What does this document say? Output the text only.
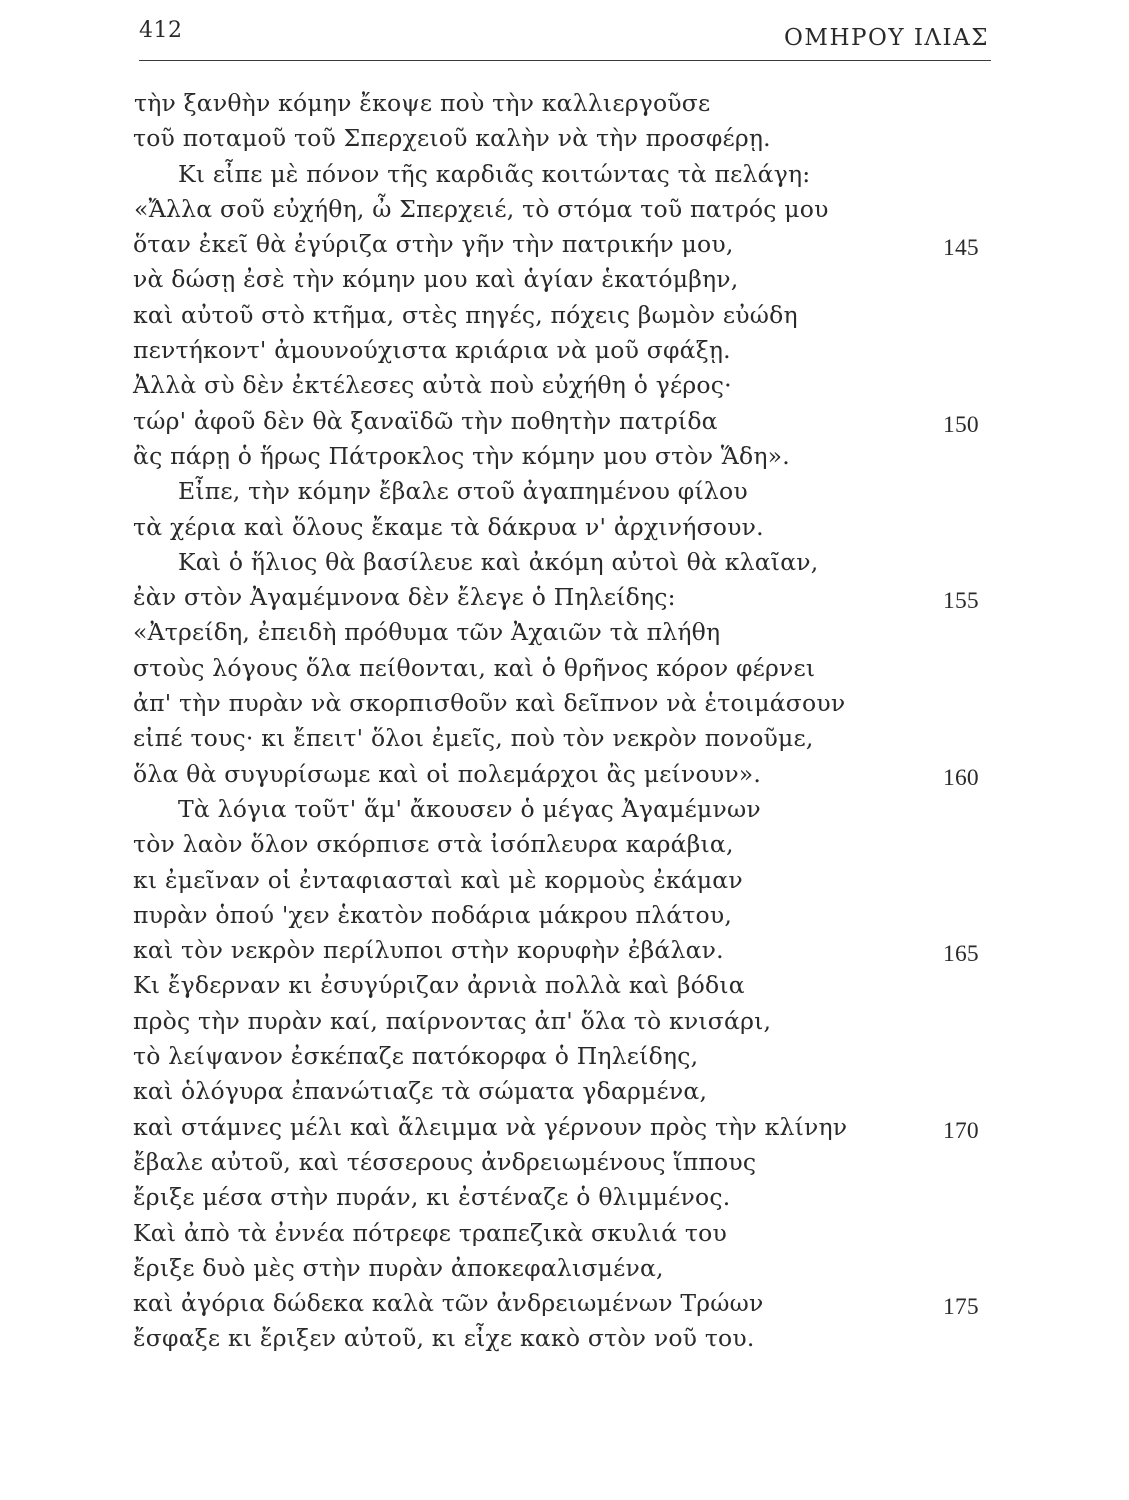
412	ΟΜΗΡΟΥ ΙΛΙΑΣ
τὴν ξανθὴν κόμην ἔκοψε ποὺ τὴν καλλιεργοῦσε
τοῦ ποταμοῦ τοῦ Σπερχειοῦ καλὴν νὰ τὴν προσφέρῃ.
Κι εἶπε μὲ πόνον τῆς καρδιᾶς κοιτώντας τὰ πελάγη:
«Ἄλλα σοῦ εὐχήθη, ὦ Σπερχειέ, τὸ στόμα τοῦ πατρός μου
ὅταν ἐκεῖ θὰ ἐγύριζα στὴν γῆν τὴν πατρικήν μου,	145
νὰ δώσῃ ἐσὲ τὴν κόμην μου καὶ ἁγίαν ἑκατόμβην,
καὶ αὐτοῦ στὸ κτῆμα, στὲς πηγές, πόχεις βωμὸν εὐώδη
πεντήκοντ' ἀμουνούχιστα κριάρια νὰ μοῦ σφάξῃ.
Ἀλλὰ σὺ δὲν ἐκτέλεσες αὐτὰ ποὺ εὐχήθη ὁ γέρος·
τώρ' ἀφοῦ δὲν θὰ ξαναϊδῶ τὴν ποθητὴν πατρίδα	150
ἂς πάρῃ ὁ ἥρως Πάτροκλος τὴν κόμην μου στὸν Ἅδη».
Εἶπε, τὴν κόμην ἔβαλε στοῦ ἀγαπημένου φίλου
τὰ χέρια καὶ ὅλους ἔκαμε τὰ δάκρυα ν' ἀρχινήσουν.
Καὶ ὁ ἥλιος θὰ βασίλευε καὶ ἀκόμη αὐτοὶ θὰ κλαῖαν,
ἐὰν στὸν Ἀγαμέμνονα δὲν ἔλεγε ὁ Πηλείδης:	155
«Ἀτρείδη, ἐπειδὴ πρόθυμα τῶν Ἀχαιῶν τὰ πλήθη
στοὺς λόγους ὅλα πείθονται, καὶ ὁ θρῆνος κόρον φέρνει
ἀπ' τὴν πυρὰν νὰ σκορπισθοῦν καὶ δεῖπνον νὰ ἑτοιμάσουν
εἰπέ τους· κι ἔπειτ' ὅλοι ἐμεῖς, ποὺ τὸν νεκρὸν πονοῦμε,
ὅλα θὰ συγυρίσωμε καὶ οἱ πολεμάρχοι ἂς μείνουν».	160
Τὰ λόγια τοῦτ' ἅμ' ἄκουσεν ὁ μέγας Ἀγαμέμνων
τὸν λαὸν ὅλον σκόρπισε στὰ ἰσόπλευρα καράβια,
κι ἐμεῖναν οἱ ἐνταφιασταὶ καὶ μὲ κορμοὺς ἐκάμαν
πυρὰν ὁπού 'χεν ἑκατὸν ποδάρια μάκρου πλάτου,
καὶ τὸν νεκρὸν περίλυποι στὴν κορυφὴν ἐβάλαν.	165
Κι ἔγδερναν κι ἐσυγύριζαν ἀρνιὰ πολλὰ καὶ βόδια
πρὸς τὴν πυρὰν καί, παίρνοντας ἀπ' ὅλα τὸ κνισάρι,
τὸ λείψανον ἐσκέπαζε πατόκορφα ὁ Πηλείδης,
καὶ ὁλόγυρα ἐπανώτιαζε τὰ σώματα γδαρμένα,
καὶ στάμνες μέλι καὶ ἄλειμμα νὰ γέρνουν πρὸς τὴν κλίνην	170
ἔβαλε αὐτοῦ, καὶ τέσσερους ἀνδρειωμένους ἵππους
ἔριξε μέσα στὴν πυράν, κι ἐστέναζε ὁ θλιμμένος.
Καὶ ἀπὸ τὰ ἐννέα πότρεφε τραπεζικὰ σκυλιά του
ἔριξε δυὸ μὲς στὴν πυρὰν ἀποκεφαλισμένα,
καὶ ἀγόρια δώδεκα καλὰ τῶν ἀνδρειωμένων Τρώων	175
ἔσφαξε κι ἔριξεν αὐτοῦ, κι εἶχε κακὸ στὸν νοῦ του.
